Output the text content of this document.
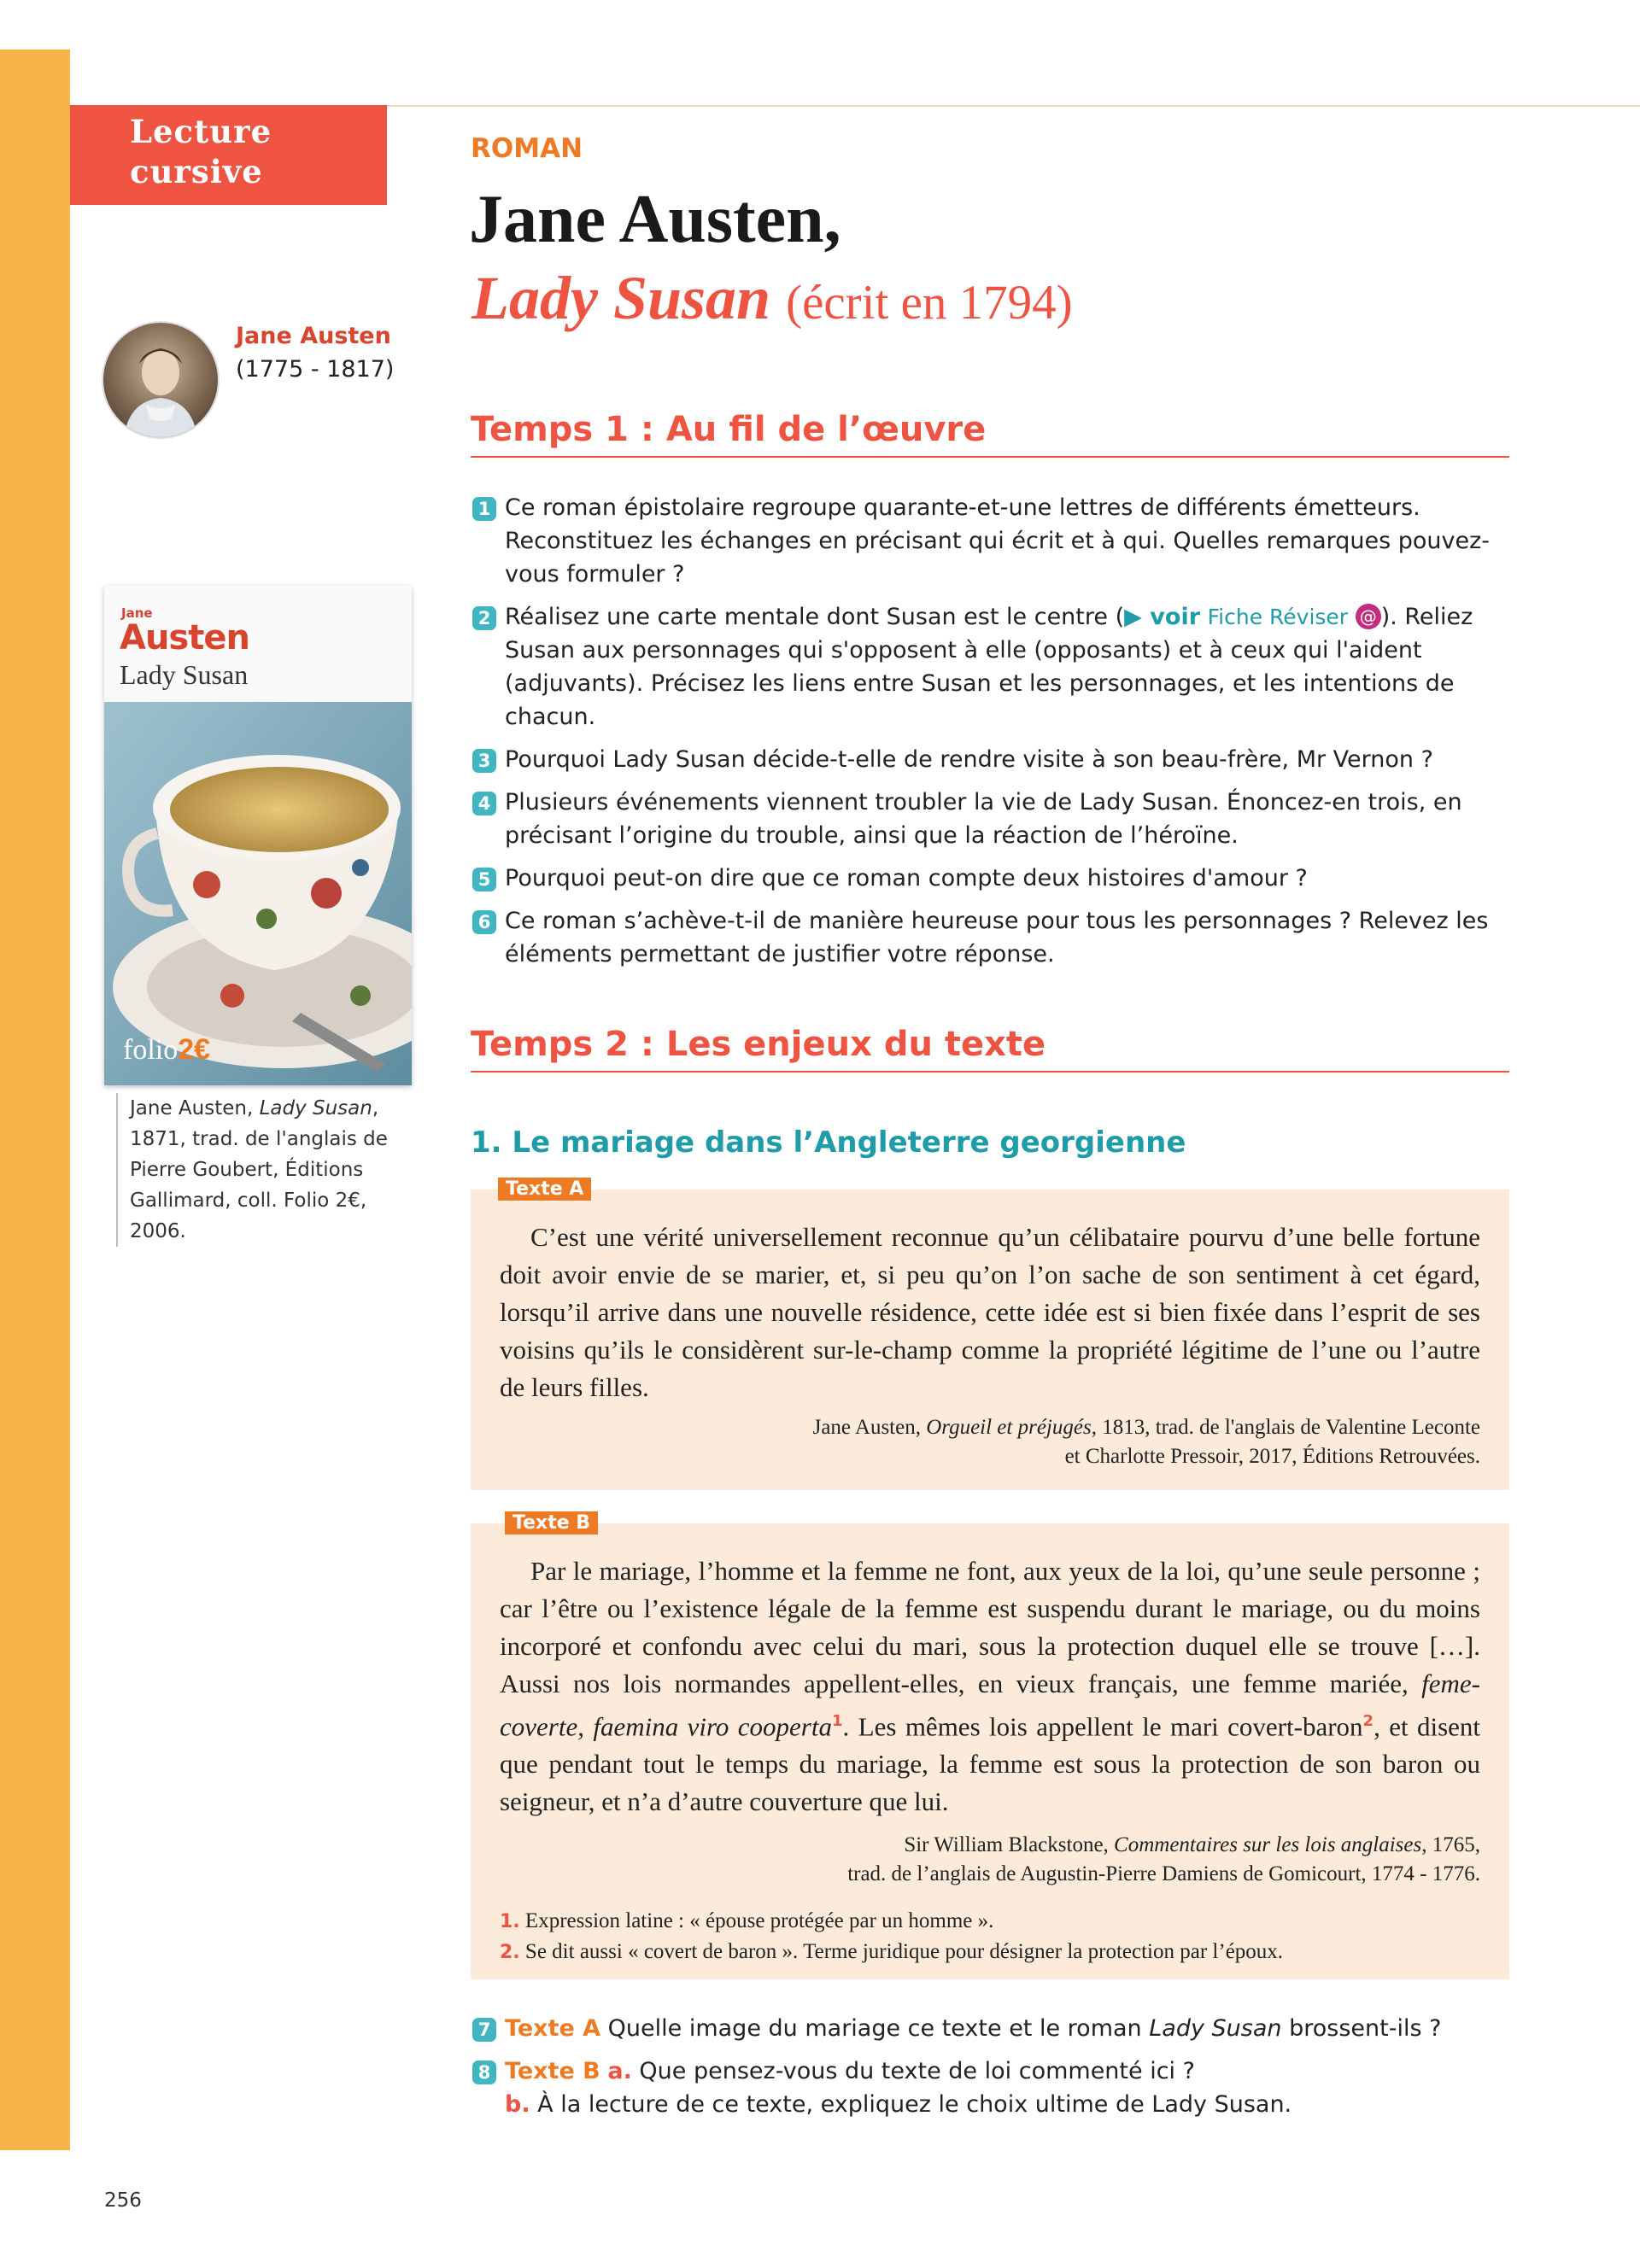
Lecture
cursive
Jane Austen
(1775 - 1817)
Jane
Austen
Lady Susan
folio2€
Jane Austen, Lady Susan, 1871, trad. de l'anglais de Pierre Goubert, Éditions Gallimard, coll. Folio 2€, 2006.
ROMAN
Jane Austen,
Lady Susan (écrit en 1794)
Temps 1 : Au fil de l’œuvre
1 Ce roman épistolaire regroupe quarante-et-une lettres de différents émetteurs. Reconstituez les échanges en précisant qui écrit et à qui. Quelles remarques pouvez-vous formuler ?
2 Réalisez une carte mentale dont Susan est le centre (▶ voir Fiche Réviser @ ). Reliez Susan aux personnages qui s'opposent à elle (opposants) et à ceux qui l'aident (adjuvants). Précisez les liens entre Susan et les personnages, et les intentions de chacun.
3 Pourquoi Lady Susan décide-t-elle de rendre visite à son beau-frère, Mr Vernon ?
4 Plusieurs événements viennent troubler la vie de Lady Susan. Énoncez-en trois, en précisant l’origine du trouble, ainsi que la réaction de l’héroïne.
5 Pourquoi peut-on dire que ce roman compte deux histoires d'amour ?
6 Ce roman s’achève-t-il de manière heureuse pour tous les personnages ? Relevez les éléments permettant de justifier votre réponse.
Temps 2 : Les enjeux du texte
1. Le mariage dans l’Angleterre georgienne
Texte A
C’est une vérité universellement reconnue qu’un célibataire pourvu d’une belle fortune doit avoir envie de se marier, et, si peu qu’on l’on sache de son sentiment à cet égard, lorsqu’il arrive dans une nouvelle résidence, cette idée est si bien fixée dans l’esprit de ses voisins qu’ils le considèrent sur-le-champ comme la propriété légitime de l’une ou l’autre de leurs filles.
Jane Austen, Orgueil et préjugés, 1813, trad. de l'anglais de Valentine Leconte
et Charlotte Pressoir, 2017, Éditions Retrouvées.
Texte B
Par le mariage, l’homme et la femme ne font, aux yeux de la loi, qu’une seule personne ; car l’être ou l’existence légale de la femme est suspendu durant le mariage, ou du moins incorporé et confondu avec celui du mari, sous la protection duquel elle se trouve […]. Aussi nos lois normandes appellent-elles, en vieux français, une femme mariée, feme-coverte, faemina viro cooperta$^1$. Les mêmes lois appellent le mari covert-baron$^2$, et disent que pendant tout le temps du mariage, la femme est sous la protection de son baron ou seigneur, et n’a d’autre couverture que lui.
Sir William Blackstone, Commentaires sur les lois anglaises, 1765,
trad. de l’anglais de Augustin-Pierre Damiens de Gomicourt, 1774 - 1776.
1. Expression latine : « épouse protégée par un homme ».
2. Se dit aussi « covert de baron ». Terme juridique pour désigner la protection par l’époux.
7 Texte A Quelle image du mariage ce texte et le roman Lady Susan brossent-ils ?
8 Texte B a. Que pensez-vous du texte de loi commenté ici ?
b. À la lecture de ce texte, expliquez le choix ultime de Lady Susan.
256
